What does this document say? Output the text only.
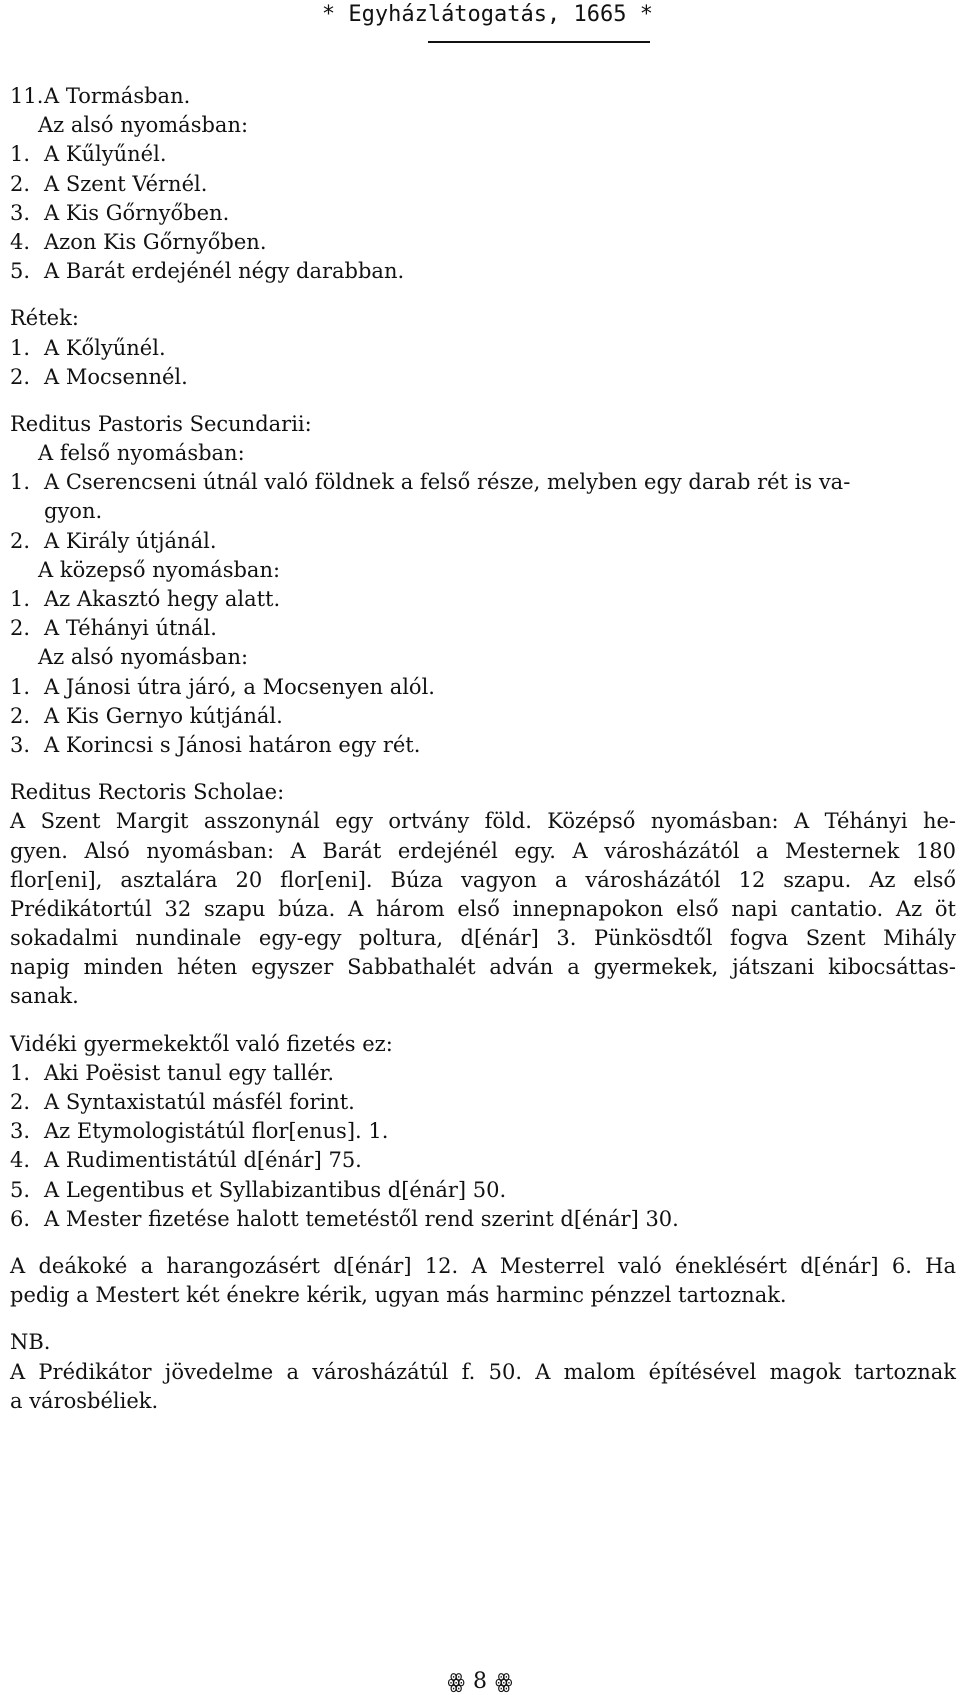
* Egyházlátogatás, 1665 *
11.A Tormásban.
Az alsó nyomásban:
1. A Kűlyűnél.
2. A Szent Vérnél.
3. A Kis Gőrnyőben.
4. Azon Kis Gőrnyőben.
5. A Barát erdejénél négy darabban.
Rétek:
1. A Kőlyűnél.
2. A Mocsennél.
Reditus Pastoris Secundarii:
A felső nyomásban:
1. A Cserencseni útnál való földnek a felső része, melyben egy darab rét is va-
gyon.
2. A Király útjánál.
A közepső nyomásban:
1. Az Akasztó hegy alatt.
2. A Téhányi útnál.
Az alsó nyomásban:
1. A Jánosi útra járó, a Mocsenyen alól.
2. A Kis Gernyo kútjánál.
3. A Korincsi s Jánosi határon egy rét.
Reditus Rectoris Scholae:
A Szent Margit asszonynál egy ortvány föld. Középső nyomásban: A Téhányi he-
gyen. Alsó nyomásban: A Barát erdejénél egy. A városházától a Mesternek 180
flor[eni], asztalára 20 flor[eni]. Búza vagyon a városházától 12 szapu. Az első
Prédikátortúl 32 szapu búza. A három első innepnapokon első napi cantatio. Az öt
sokadalmi nundinale egy-egy poltura, d[énár] 3. Pünkösdtől fogva Szent Mihály
napig minden héten egyszer Sabbathalét adván a gyermekek, játszani kibocsáttas-
sanak.
Vidéki gyermekektől való fizetés ez:
1. Aki Poësist tanul egy tallér.
2. A Syntaxistatúl másfél forint.
3. Az Etymologistátúl flor[enus]. 1.
4. A Rudimentistátúl d[énár] 75.
5. A Legentibus et Syllabizantibus d[énár] 50.
6. A Mester fizetése halott temetéstől rend szerint d[énár] 30.
A deákoké a harangozásért d[énár] 12. A Mesterrel való éneklésért d[énár] 6. Ha
pedig a Mestert két énekre kérik, ugyan más harminc pénzzel tartoznak.
NB.
A Prédikátor jövedelme a városházátúl f. 50. A malom építésével magok tartoznak
a városbéliek.
ꙮ 8 ꙮ
